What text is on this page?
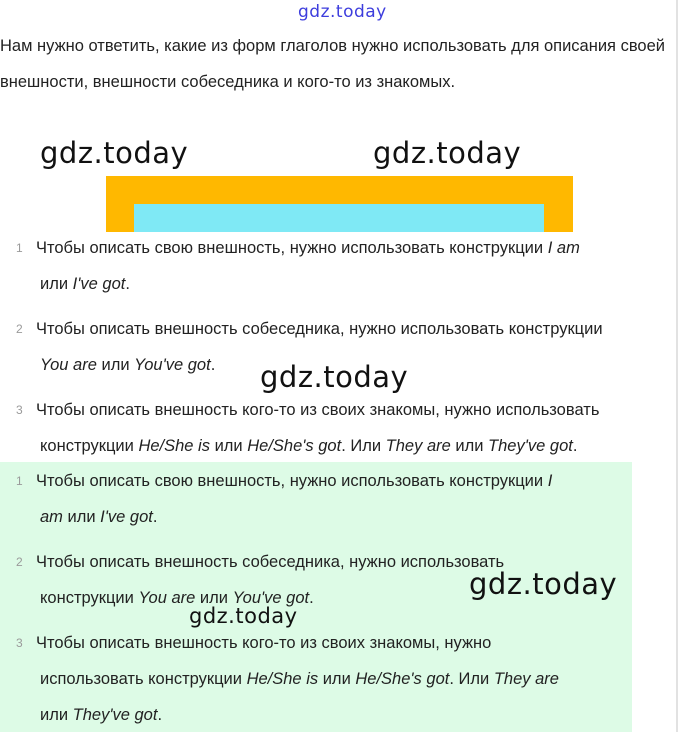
gdz.today
Нам нужно ответить, какие из форм глаголов нужно использовать для описания своей внешности, внешности собеседника и кого-то из знакомых.
gdz.today	gdz.today
1 Чтобы описать свою внешность, нужно использовать конструкции I am
или I've got.
2 Чтобы описать внешность собеседника, нужно использовать конструкции
You are или You've got.
3 Чтобы описать внешность кого-то из своих знакомы, нужно использовать
конструкции He/She is или He/She's got. Или They are или They've got.
gdz.today
1 Чтобы описать свою внешность, нужно использовать конструкции I
am или I've got.
2 Чтобы описать внешность собеседника, нужно использовать
конструкции You are или You've got.
3 Чтобы описать внешность кого-то из своих знакомы, нужно
использовать конструкции He/She is или He/She's got. Или They are
или They've got.
gdz.today
gdz.today
